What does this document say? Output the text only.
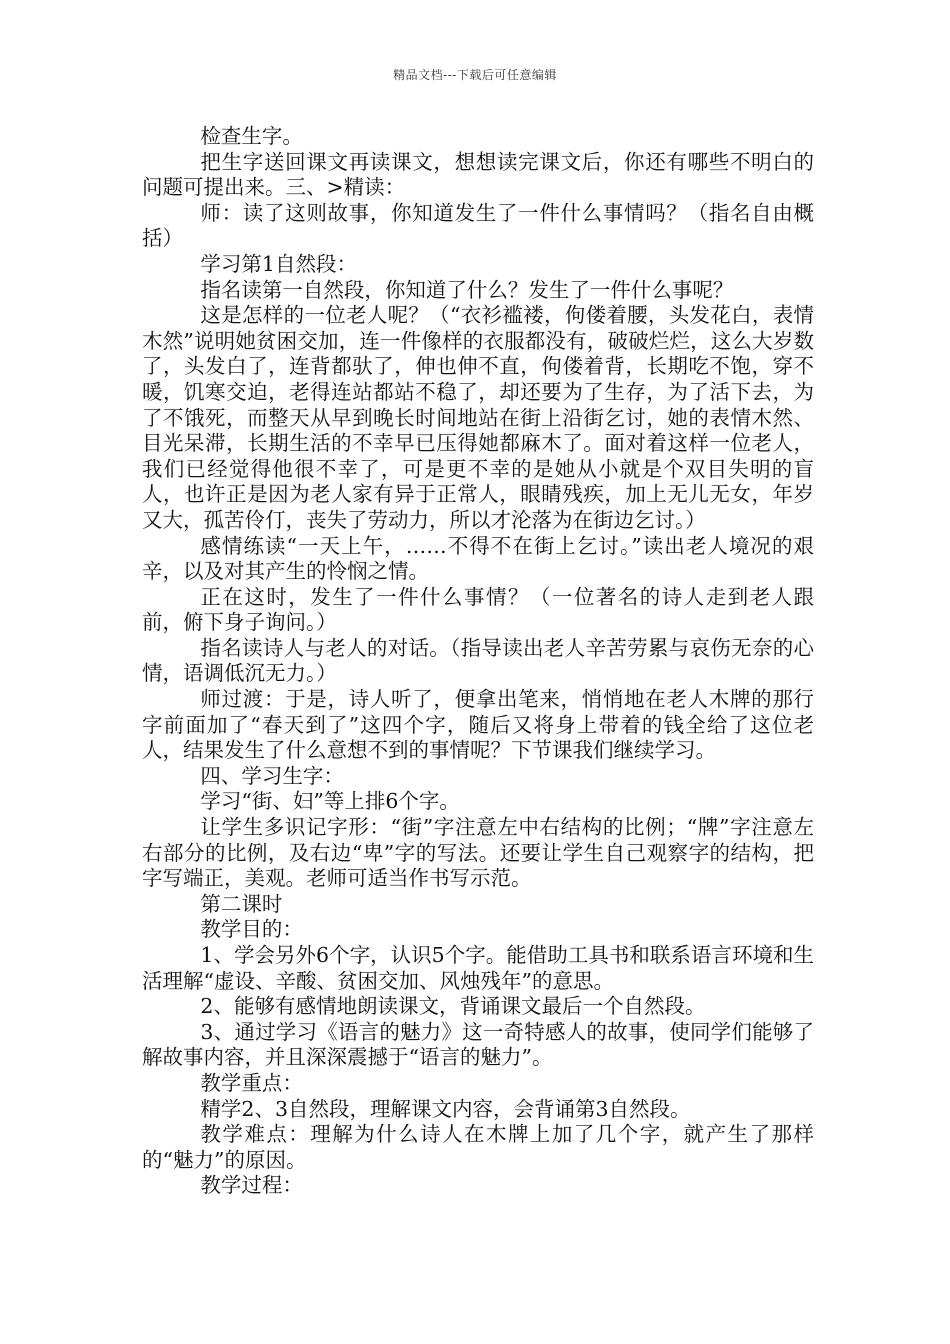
精品文档---下载后可任意编辑

检查生字。

把生字送回课文再读课文，想想读完课文后，你还有哪些不明白的问题可提出来。三、>精读：

师：读了这则故事，你知道发生了一件什么事情吗？（指名自由概括）

学习第1自然段：

指名读第一自然段，你知道了什么？发生了一件什么事呢？

这是怎样的一位老人呢？（“衣衫褴褛，佝偻着腰，头发花白，表情木然”说明她贫困交加，连一件像样的衣服都没有，破破烂烂，这么大岁数了，头发白了，连背都驮了，伸也伸不直，佝偻着背，长期吃不饱，穿不暖，饥寒交迫，老得连站都站不稳了，却还要为了生存，为了活下去，为了不饿死，而整天从早到晚长时间地站在街上沿街乞讨，她的表情木然、目光呆滞，长期生活的不幸早已压得她都麻木了。面对着这样一位老人，我们已经觉得他很不幸了，可是更不幸的是她从小就是个双目失明的盲人，也许正是因为老人家有异于正常人，眼睛残疾，加上无儿无女，年岁又大，孤苦伶仃，丧失了劳动力，所以才沦落为在街边乞讨。）

感情练读“一天上午，……不得不在街上乞讨。”读出老人境况的艰辛，以及对其产生的怜悯之情。

正在这时，发生了一件什么事情？（一位著名的诗人走到老人跟前，俯下身子询问。）

指名读诗人与老人的对话。（指导读出老人辛苦劳累与哀伤无奈的心情，语调低沉无力。）

师过渡：于是，诗人听了，便拿出笔来，悄悄地在老人木牌的那行字前面加了“春天到了”这四个字，随后又将身上带着的钱全给了这位老人，结果发生了什么意想不到的事情呢？下节课我们继续学习。

四、学习生字：

学习“街、妇”等上排6个字。

让学生多识记字形：“街”字注意左中右结构的比例；“牌”字注意左右部分的比例，及右边“卑”字的写法。还要让学生自己观察字的结构，把字写端正，美观。老师可适当作书写示范。

第二课时

教学目的：

1、学会另外6个字，认识5个字。能借助工具书和联系语言环境和生活理解“虚设、辛酸、贫困交加、风烛残年”的意思。

2、能够有感情地朗读课文，背诵课文最后一个自然段。

3、通过学习《语言的魅力》这一奇特感人的故事，使同学们能够了解故事内容，并且深深震撼于“语言的魅力”。

教学重点：

精学2、3自然段，理解课文内容，会背诵第3自然段。

教学难点：理解为什么诗人在木牌上加了几个字，就产生了那样的“魅力”的原因。

教学过程：
